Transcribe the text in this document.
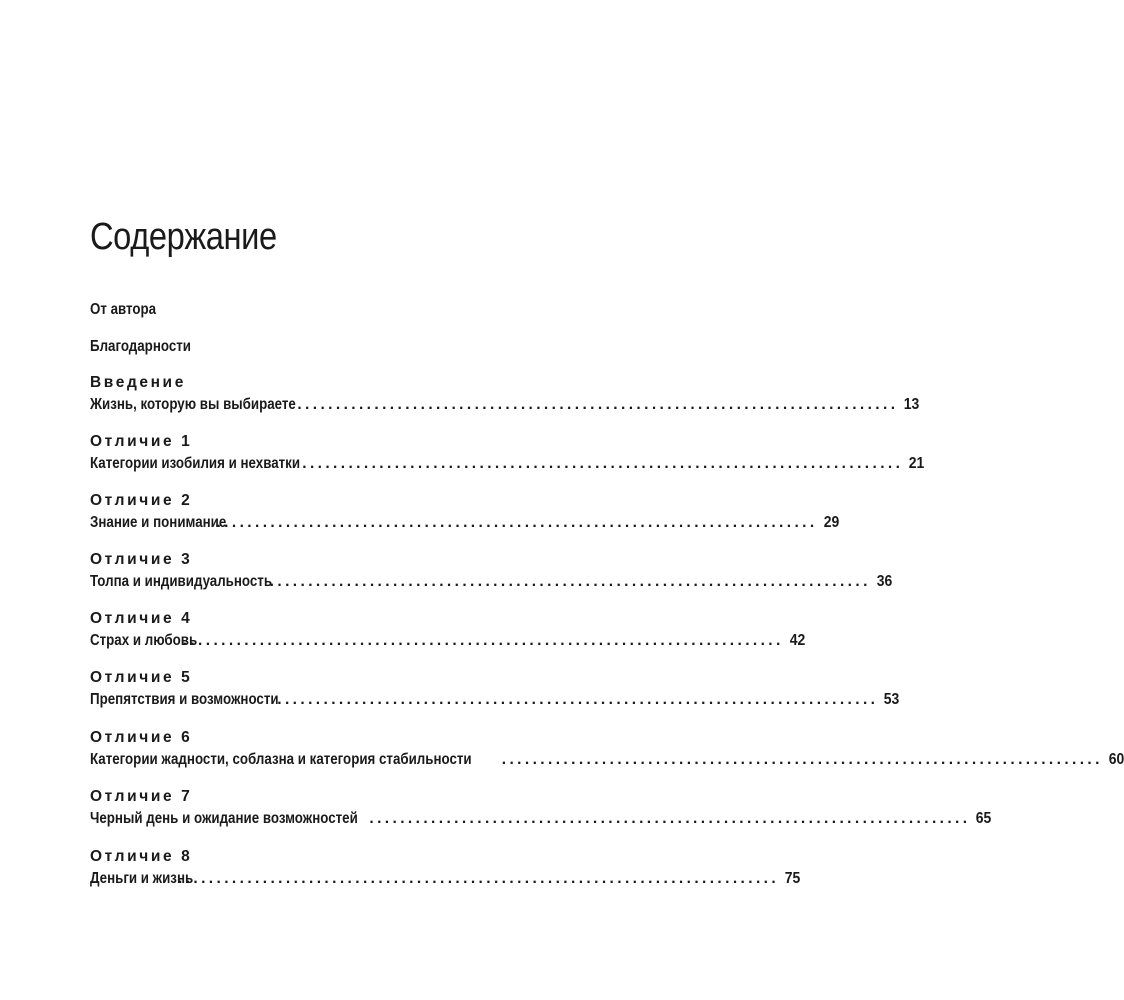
Содержание
От автора
Благодарности
Введение
Жизнь, которую вы выбираете .............................................................................. 13
Отличие 1
Категории изобилия и нехватки .............................................................................. 21
Отличие 2
Знание и понимание
.............................................................................. 29
Отличие 3
Толпа и индивидуальность
.............................................................................. 36
Отличие 4
Страх и любовь
.............................................................................. 42
Отличие 5
Препятствия и возможности
.............................................................................. 53
Отличие 6
Категории жадности, соблазна и категория стабильности .............................................................................. 60
Отличие 7
Черный день и ожидание возможностей .............................................................................. 65
Отличие 8
Деньги и жизнь
.............................................................................. 75
